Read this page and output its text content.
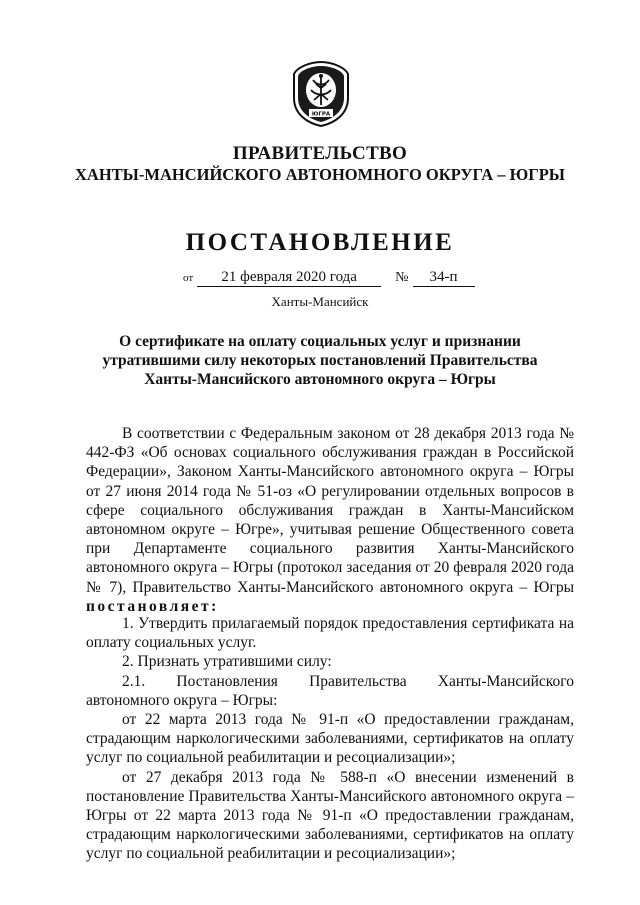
ЮГРА
ПРАВИТЕЛЬСТВО
ХАНТЫ-МАНСИЙСКОГО АВТОНОМНОГО ОКРУГА – ЮГРЫ
ПОСТАНОВЛЕНИЕ
от 21 февраля 2020 года	№ 34-п
Ханты-Мансийск
О сертификате на оплату социальных услуг и признании
утратившими силу некоторых постановлений Правительства
Ханты-Мансийского автономного округа – Югры

В соответствии с Федеральным законом от 28 декабря 2013 года № 442-ФЗ «Об основах социального обслуживания граждан в Российской Федерации», Законом Ханты-Мансийского автономного округа – Югры от 27 июня 2014 года № 51-оз «О регулировании отдельных вопросов в сфере социального обслуживания граждан в Ханты-Мансийском автономном округе – Югре», учитывая решение Общественного совета при Департаменте социального развития Ханты-Мансийского автономного округа – Югры (протокол заседания от 20 февраля 2020 года № 7), Правительство Ханты-Мансийского автономного округа – Югры

постановляет:

1. Утвердить прилагаемый порядок предоставления сертификата на оплату социальных услуг.

2. Признать утратившими силу:

2.1. Постановления Правительства Ханты-Мансийского автономного округа – Югры:

от 22 марта 2013 года № 91-п «О предоставлении гражданам, страдающим наркологическими заболеваниями, сертификатов на оплату услуг по социальной реабилитации и ресоциализации»;

от 27 декабря 2013 года № 588-п «О внесении изменений в постановление Правительства Ханты-Мансийского автономного округа – Югры от 22 марта 2013 года № 91-п «О предоставлении гражданам, страдающим наркологическими заболеваниями, сертификатов на оплату услуг по социальной реабилитации и ресоциализации»;
